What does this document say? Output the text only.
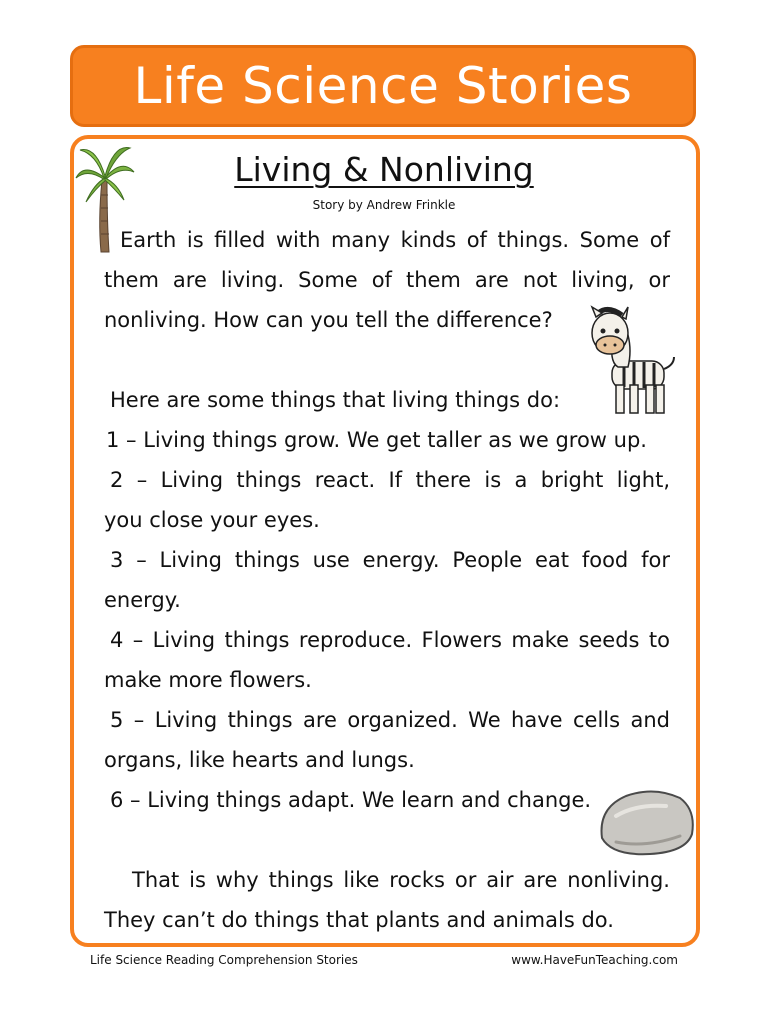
Life Science Stories
Living & Nonliving
Story by Andrew Frinkle
Earth is filled with many kinds of things. Some of
them are living. Some of them are not living, or
nonliving. How can you tell the difference?
Here are some things that living things do:
1 – Living things grow. We get taller as we grow up.
2 – Living things react. If there is a bright light,
you close your eyes.
3 – Living things use energy. People eat food for
energy.
4 – Living things reproduce. Flowers make seeds to
make more flowers.
5 – Living things are organized. We have cells and
organs, like hearts and lungs.
6 – Living things adapt. We learn and change.
That is why things like rocks or air are nonliving.
They can’t do things that plants and animals do.
Life Science Reading Comprehension Stories	www.HaveFunTeaching.com
